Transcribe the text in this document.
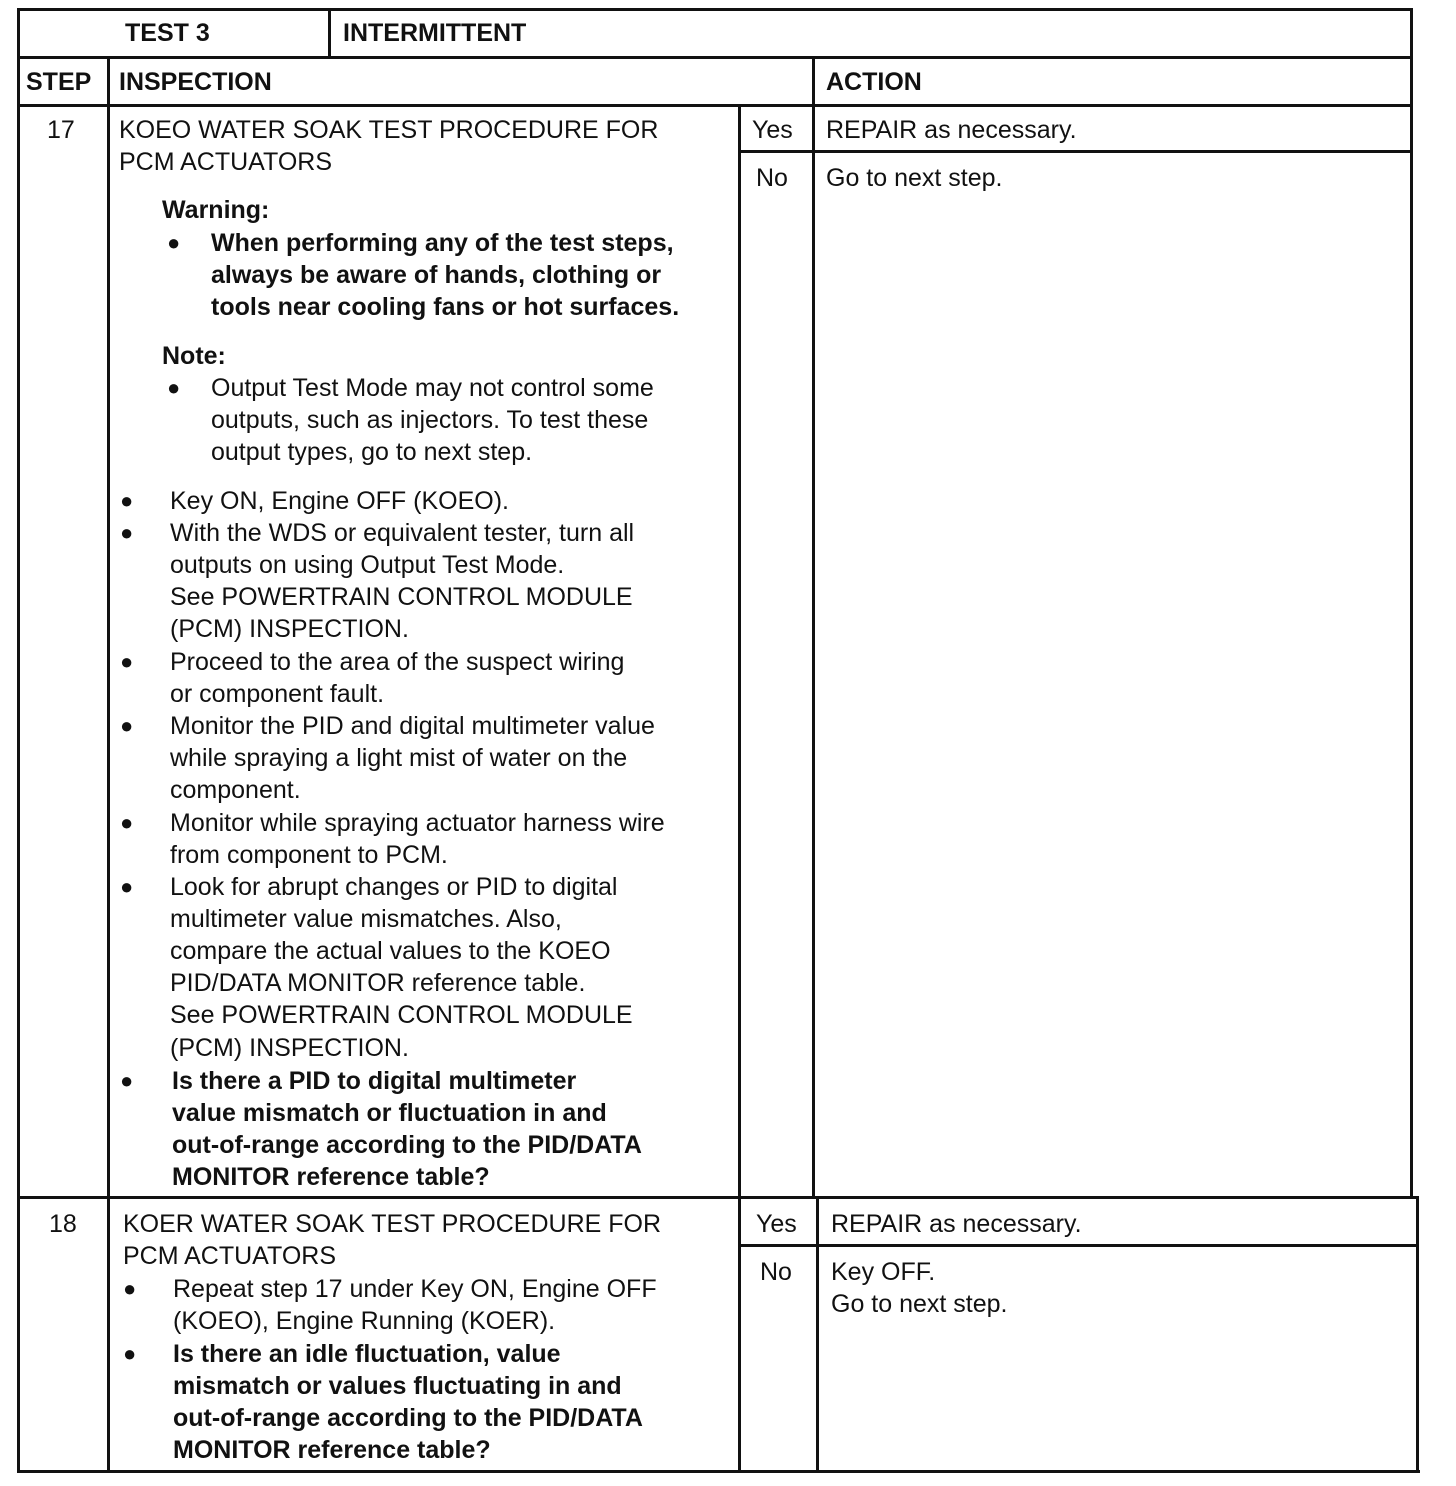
TEST 3	INTERMITTENT
STEP INSPECTION	ACTION
17 KOEO WATER SOAK TEST PROCEDURE FOR
PCM ACTUATORS
Warning:
● When performing any of the test steps,
always be aware of hands, clothing or
tools near cooling fans or hot surfaces.
Note:
● Output Test Mode may not control some
outputs, such as injectors. To test these
output types, go to next step.
● Key ON, Engine OFF (KOEO).
● With the WDS or equivalent tester, turn all
outputs on using Output Test Mode.
See POWERTRAIN CONTROL MODULE
(PCM) INSPECTION.
● Proceed to the area of the suspect wiring
or component fault.
● Monitor the PID and digital multimeter value
while spraying a light mist of water on the
component.
● Monitor while spraying actuator harness wire
from component to PCM.
● Look for abrupt changes or PID to digital
multimeter value mismatches. Also,
compare the actual values to the KOEO
PID/DATA MONITOR reference table.
See POWERTRAIN CONTROL MODULE
(PCM) INSPECTION.
● Is there a PID to digital multimeter
value mismatch or fluctuation in and
out-of-range according to the PID/DATA
MONITOR reference table?
Yes REPAIR as necessary.
No Go to next step.
18 KOER WATER SOAK TEST PROCEDURE FOR
PCM ACTUATORS
● Repeat step 17 under Key ON, Engine OFF
(KOEO), Engine Running (KOER).
● Is there an idle fluctuation, value
mismatch or values fluctuating in and
out-of-range according to the PID/DATA
MONITOR reference table?
Yes REPAIR as necessary.
No Key OFF.
Go to next step.
